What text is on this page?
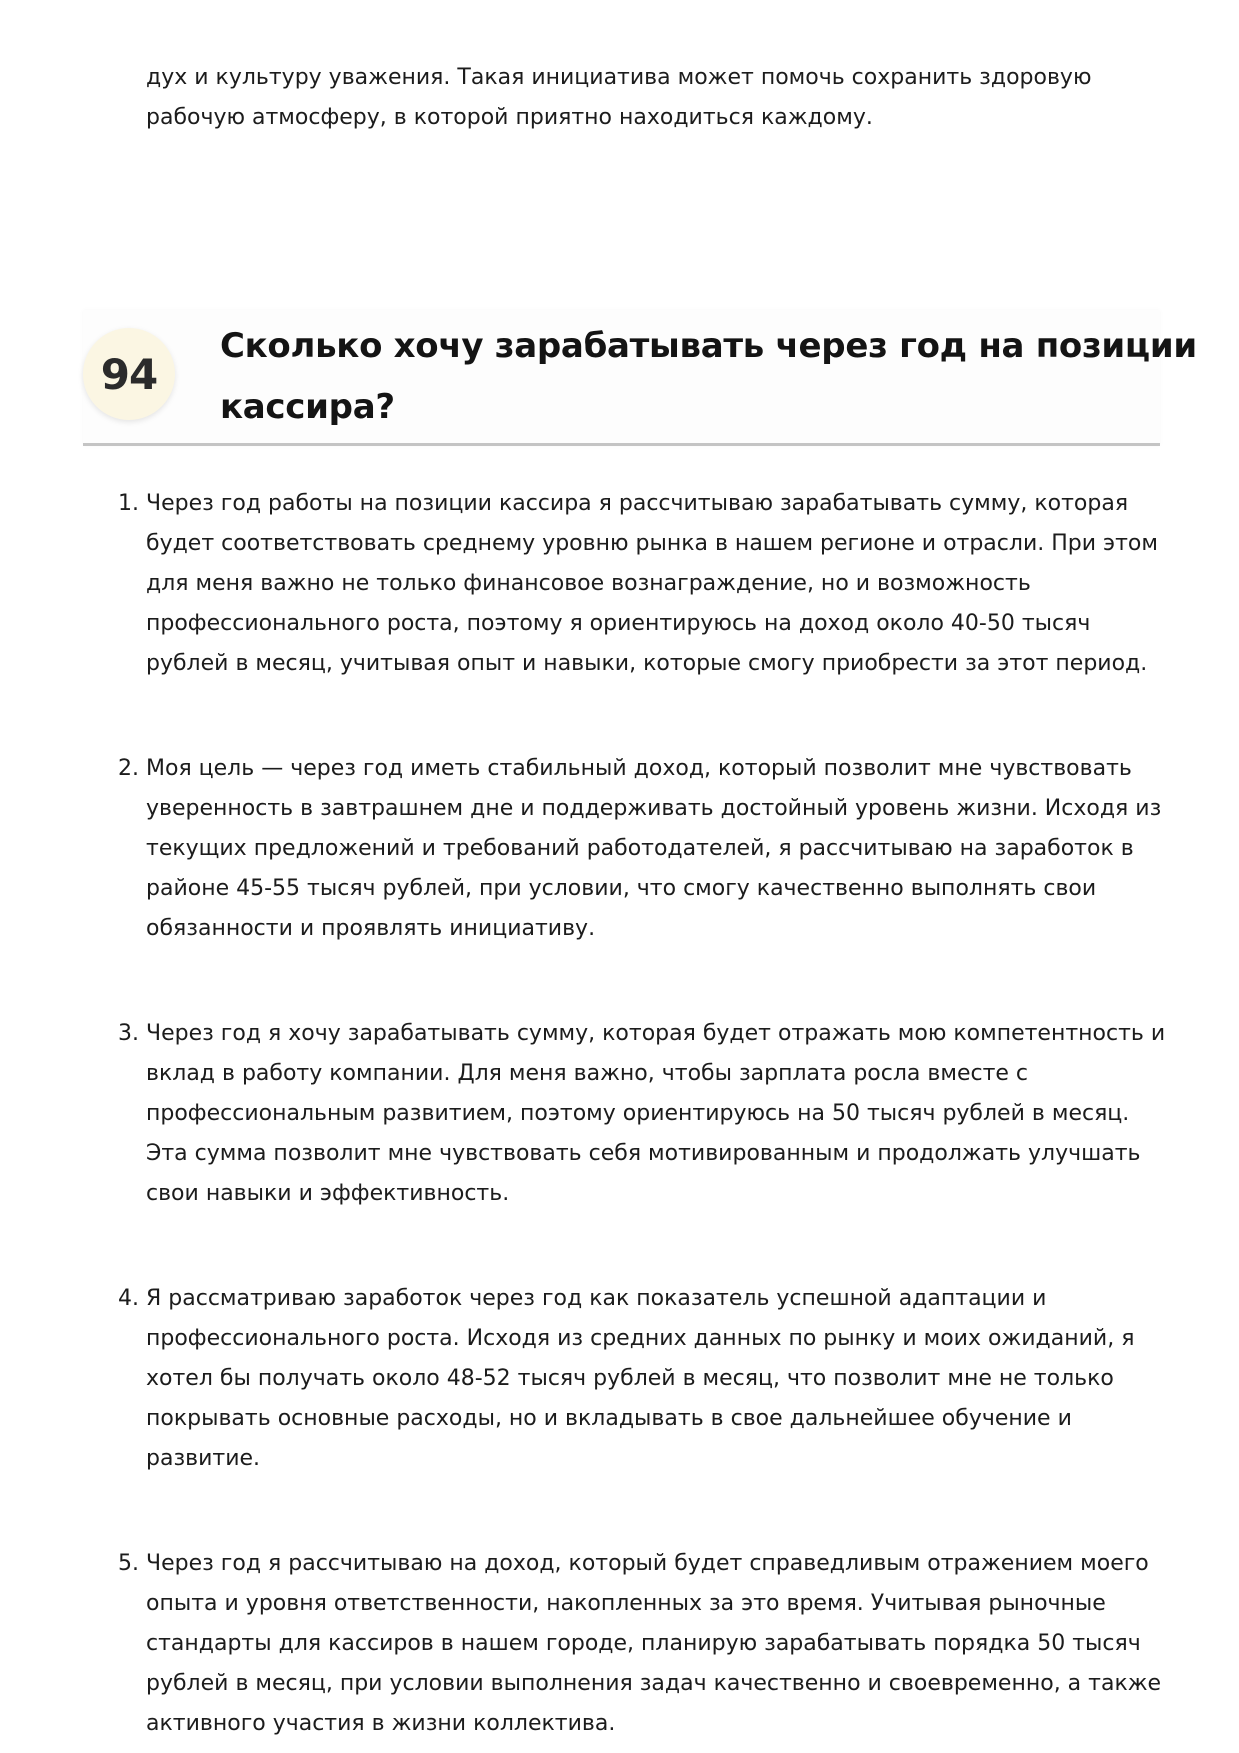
дух и культуру уважения. Такая инициатива может помочь сохранить здоровую
рабочую атмосферу, в которой приятно находиться каждому.

94
Сколько хочу зарабатывать через год на позиции
кассира?
1. Через год работы на позиции кассира я рассчитываю зарабатывать сумму, которая
будет соответствовать среднему уровню рынка в нашем регионе и отрасли. При этом
для меня важно не только финансовое вознаграждение, но и возможность
профессионального роста, поэтому я ориентируюсь на доход около 40-50 тысяч
рублей в месяц, учитывая опыт и навыки, которые смогу приобрести за этот период.
2. Моя цель — через год иметь стабильный доход, который позволит мне чувствовать
уверенность в завтрашнем дне и поддерживать достойный уровень жизни. Исходя из
текущих предложений и требований работодателей, я рассчитываю на заработок в
районе 45-55 тысяч рублей, при условии, что смогу качественно выполнять свои
обязанности и проявлять инициативу.
3. Через год я хочу зарабатывать сумму, которая будет отражать мою компетентность и
вклад в работу компании. Для меня важно, чтобы зарплата росла вместе с
профессиональным развитием, поэтому ориентируюсь на 50 тысяч рублей в месяц.
Эта сумма позволит мне чувствовать себя мотивированным и продолжать улучшать
свои навыки и эффективность.
4. Я рассматриваю заработок через год как показатель успешной адаптации и
профессионального роста. Исходя из средних данных по рынку и моих ожиданий, я
хотел бы получать около 48-52 тысяч рублей в месяц, что позволит мне не только
покрывать основные расходы, но и вкладывать в свое дальнейшее обучение и
развитие.
5. Через год я рассчитываю на доход, который будет справедливым отражением моего
опыта и уровня ответственности, накопленных за это время. Учитывая рыночные
стандарты для кассиров в нашем городе, планирую зарабатывать порядка 50 тысяч
рублей в месяц, при условии выполнения задач качественно и своевременно, а также
активного участия в жизни коллектива.
